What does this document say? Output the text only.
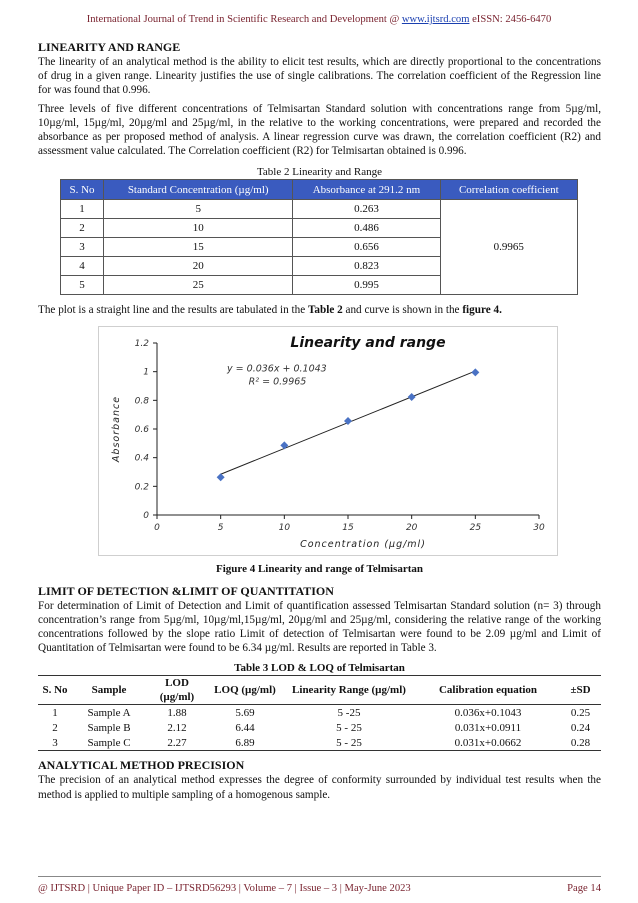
International Journal of Trend in Scientific Research and Development @ www.ijtsrd.com eISSN: 2456-6470
LINEARITY AND RANGE

The linearity of an analytical method is the ability to elicit test results, which are directly proportional to the concentrations of drug in a given range. Linearity justifies the use of single calibrations. The correlation coefficient of the Regression line for was found that 0.996.

Three levels of five different concentrations of Telmisartan Standard solution with concentrations range from 5µg/ml, 10µg/ml, 15µg/ml, 20µg/ml and 25µg/ml, in the relative to the working concentrations, were prepared and recorded the absorbance as per proposed method of analysis. A linear regression curve was drawn, the correlation coefficient (R2) and assessment value calculated. The Correlation coefficient (R2) for Telmisartan obtained is 0.996.

Table 2 Linearity and Range
S. No	Standard Concentration (µg/ml)	Absorbance at 291.2 nm	Correlation coefficient
1	5	0.263	0.9965
2	10	0.486	
3	15	0.656	
4	20	0.823	
5	25	0.995	

The plot is a straight line and the results are tabulated in the Table 2 and curve is shown in the figure 4.

0
0.2
0.4
0.6
0.8
1
1.2
0	5	10	15	20	25	30
Linearity and range
Concentration (µg/ml)
Absorbance
y = 0.036x + 0.1043
R² = 0.9965
Figure 4 Linearity and range of Telmisartan
LIMIT OF DETECTION &LIMIT OF QUANTITATION

For determination of Limit of Detection and Limit of quantification assessed Telmisartan Standard solution (n= 3) through concentration’s range from 5µg/ml, 10µg/ml,15µg/ml, 20µg/ml and 25µg/ml, considering the relative range of the working concentrations followed by the slope ratio Limit of detection of Telmisartan were found to be 2.09 µg/ml and Limit of Quantitation of Telmisartan were found to be 6.34 µg/ml. Results are reported in Table 3.

Table 3 LOD & LOQ of Telmisartan
S. No	Sample	LOD (µg/ml)	LOQ (µg/ml)	Linearity Range (µg/ml)	Calibration equation	±SD
1	Sample A	1.88	5.69	5 -25	0.036x+0.1043	0.25
2	Sample B	2.12	6.44	5 - 25	0.031x+0.0911	0.24
3	Sample C	2.27	6.89	5 - 25	0.031x+0.0662	0.28
ANALYTICAL METHOD PRECISION

The precision of an analytical method expresses the degree of conformity surrounded by individual test results when the method is applied to multiple sampling of a homogenous sample.

@ IJTSRD | Unique Paper ID – IJTSRD56293 | Volume – 7 | Issue – 3 | May-June 2023	Page 14
